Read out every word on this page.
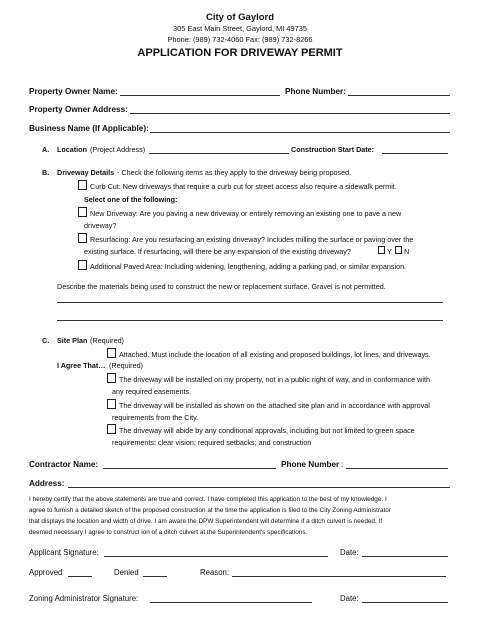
City of Gaylord
305 East Main Street, Gaylord, MI 49735
Phone: (989) 732-4060 Fax: (989) 732-8266
APPLICATION FOR DRIVEWAY PERMIT
Property Owner Name:	Phone Number:
Property Owner Address:
Business Name (If Applicable):
A. Location (Project Address)	Construction Start Date:
B. Driveway Details - Check the following items as they apply to the driveway being proposed.
Curb Cut: New driveways that require a curb cut for street access also require a sidewalk permit.
Select one of the following:
New Driveway: Are you paving a new driveway or entirely removing an existing one to pave a new
driveway?
Resurfacing: Are you resurfacing an existing driveway? Includes milling the surface or paving over the
existing surface. If resurfacing, will there be any expansion of the existing driveway?	Y N
Additional Paved Area: Including widening, lengthening, adding a parking pad, or similar expansion.
Describe the materials being used to construct the new or replacement surface. Gravel is not permitted.
C. Site Plan (Required)
Attached. Must include the location of all existing and proposed buildings, lot lines, and driveways.
I Agree That… (Required)
The driveway will be installed on my property, not in a public right of way, and in conformance with
any required easements.
The driveway will be installed as shown on the attached site plan and in accordance with approval
requirements from the City.
The driveway will abide by any conditional approvals, including but not limited to green space
requirements; clear vision; required setbacks; and construction
Contractor Name:	Phone Number :
Address:
I hereby certify that the above statements are true and correct. I have completed this application to the best of my knowledge. I
agree to furnish a detailed sketch of the proposed construction at the time the application is filed to the City Zoning Administrator
that displays the location and width of drive. I am aware the DPW Superintendent will determine if a ditch culvert is needed. If
deemed necessary I agree to construct ion of a ditch culvert at the Superintendent's specifications.
Applicant Signature:	Date:
Approved	Denied	Reason:
Zoning Administrator Signature:	Date:
